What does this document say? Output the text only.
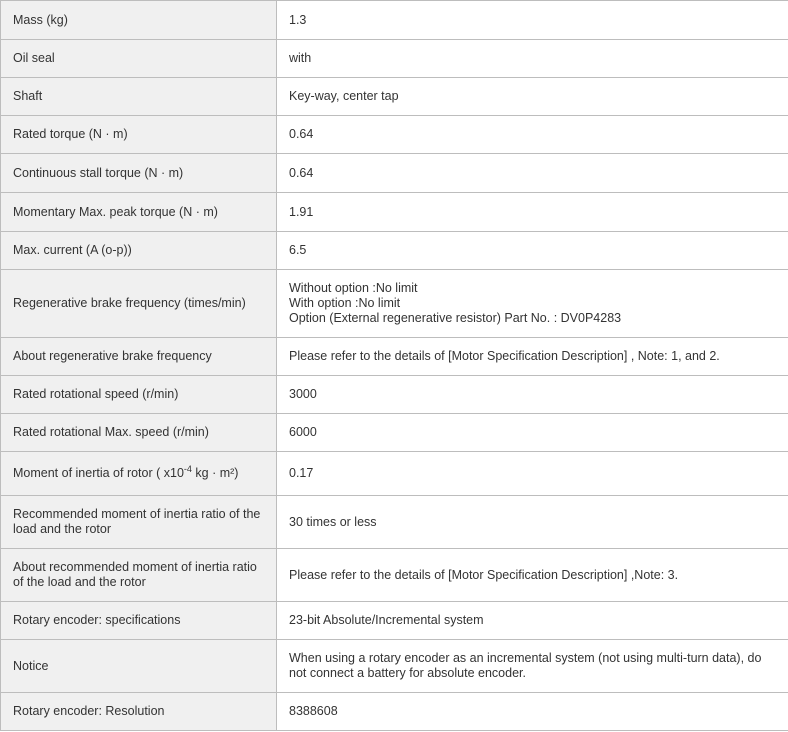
Mass (kg)	1.3
Oil seal	with
Shaft	Key-way, center tap
Rated torque (N · m)	0.64
Continuous stall torque (N · m)	0.64
Momentary Max. peak torque (N · m)	1.91
Max. current (A (o-p))	6.5
Regenerative brake frequency (times/min)	Without option :No limit
With option :No limit
Option (External regenerative resistor) Part No. : DV0P4283
About regenerative brake frequency	Please refer to the details of [Motor Specification Description] , Note: 1, and 2.
Rated rotational speed (r/min)	3000
Rated rotational Max. speed (r/min)	6000
Moment of inertia of rotor ( $x10^{-4}$ kg · m²)	0.17
Recommended moment of inertia ratio of the load and the rotor	30 times or less
About recommended moment of inertia ratio of the load and the rotor	Please refer to the details of [Motor Specification Description] ,Note: 3.
Rotary encoder: specifications	23-bit Absolute/Incremental system
Notice	When using a rotary encoder as an incremental system (not using multi-turn data), do not connect a battery for absolute encoder.
Rotary encoder: Resolution	8388608
